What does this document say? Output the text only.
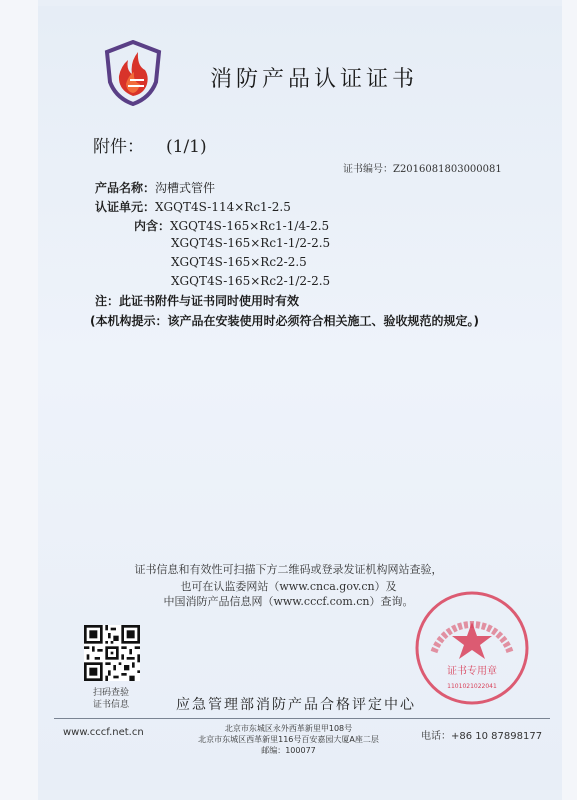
消防产品认证证书
附件： (1/1)
证书编号：Z2016081803000081
产品名称：沟槽式管件
认证单元：XGQT4S-114×Rc1-2.5
内含：XGQT4S-165×Rc1-1/4-2.5
XGQT4S-165×Rc1-1/2-2.5
XGQT4S-165×Rc2-2.5
XGQT4S-165×Rc2-1/2-2.5
注：此证书附件与证书同时使用时有效
(本机构提示：该产品在安装使用时必须符合相关施工、验收规范的规定。)
证书信息和有效性可扫描下方二维码或登录发证机构网站查验，
也可在认监委网站（www.cnca.gov.cn）及
中国消防产品信息网（www.cccf.com.cn）查询。
扫码查验
证书信息	应急管理部消防产品合格评定中心
证书专用章
1101021022041
www.cccf.net.cn	北京市东城区永外西革新里甲108号
北京市东城区西革新里116号百安嘉园大厦A座二层
邮编：100077
电话：+86 10 87898177
